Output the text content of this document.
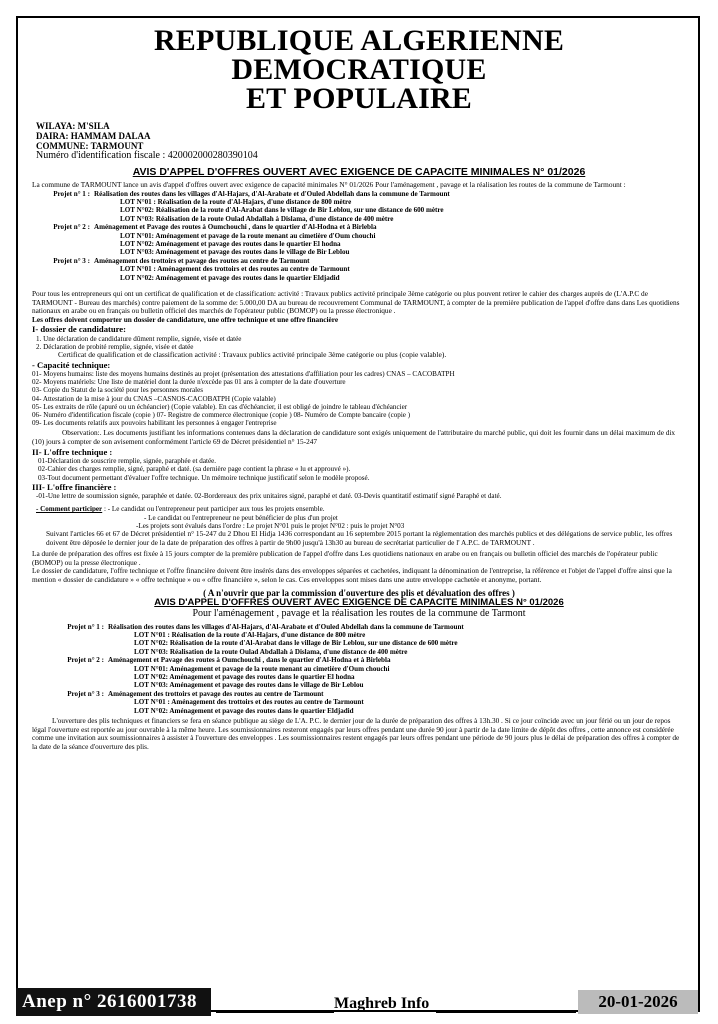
REPUBLIQUE ALGERIENNE DEMOCRATIQUE
ET POPULAIRE
WILAYA: M'SILA
DAIRA: HAMMAM DALAA
COMMUNE: TARMOUNT
Numéro d'identification fiscale : 420002000280390104
AVIS D'APPEL D'OFFRES OUVERT AVEC EXIGENCE DE CAPACITE MINIMALES N° 01/2026

La commune de TARMOUNT lance un avis d'appel d'offres ouvert avec exigence de capacité minimales N° 01/2026 Pour l'aménagement , pavage et la réalisation les routes de la commune de Tarmount :

Projet n° 1 : Réalisation des routes dans les villages d'Al-Hajars, d'Al-Arabate et d'Ouled Abdellah dans la commune de Tarmount
LOT N°01 : Réalisation de la route d'Al-Hajars, d'une distance de 800 mètre
LOT N°02: Réalisation de la route d'Al-Arabat dans le village de Bir Leblou, sur une distance de 600 mètre
LOT N°03: Réalisation de la route Oulad Abdallah à Dislama, d'une distance de 400 mètre
Projet n° 2 : Aménagement et Pavage des routes à Oumchouchi , dans le quartier d'Al-Hodna et à Birlebla
LOT N°01: Aménagement et pavage de la route menant au cimetière d'Oum chouchi
LOT N°02: Aménagement et pavage des routes dans le quartier El hodna
LOT N°03: Aménagement et pavage des routes dans le village de Bir Leblou
Projet n° 3 : Aménagement des trottoirs et pavage des routes au centre de Tarmount
LOT N°01 : Aménagement des trottoirs et des routes au centre de Tarmount
LOT N°02: Aménagement et pavage des routes dans le quartier Eldjadid

Pour tous les entrepreneurs qui ont un certificat de qualification et de classification: activité : Travaux publics activité principale 3ème catégorie ou plus pouvent retirer le cahier des charges auprès de (L'A.P.C de TARMOUNT - Bureau des marchés) contre paiement de la somme de: 5.000,00 DA au bureau de recouvrement Communal de TARMOUNT, à compter de la première publication de l'appel d'offre dans dans Les quotidiens nationaux en arabe ou en français ou bulletin officiel des marchés de l'opérateur public (BOMOP) ou la presse électronique .

Les offres doivent comporter un dossier de candidature, une offre technique et une offre financière

I- dossier de candidature:
1. Une déclaration de candidature dûment remplie, signée, visée et datée
2. Déclaration de probité remplie, signée, visée et datée
Certificat de qualification et de classification activité : Travaux publics activité principale 3ème catégorie ou plus (copie valable).
- Capacité technique:
01- Moyens humains: liste des moyens humains destinés au projet (présentation des attestations d'affiliation pour les cadres) CNAS – CACOBATPH
02- Moyens matériels: Une liste de matériel dont la durée n'excède pas 01 ans à compter de la date d'ouverture
03- Copie du Statut de la société pour les personnes morales
04- Attestation de la mise à jour du CNAS –CASNOS-CACOBATPH (Copie valable)
05- Les extraits de rôle (apuré ou un échéancier) (Copie valable). En cas d'échéancier, il est obligé de joindre le tableau d'échéancier
06- Numéro d'identification fiscale (copie ) 07- Registre de commerce électronique (copie ) 08- Numéro de Compte bancaire (copie )
09- Les documents relatifs aux pouvoirs habilitant les personnes à engager l'entreprise

Observation:. Les documents justifiant les informations contenues dans la déclaration de candidature sont exigés uniquement de l'attributaire du marché public, qui doit les fournir dans un délai maximum de dix (10) jours à compter de son avisement conformément l'article 69 de Décret présidentiel n° 15-247

II- L'offre technique :
01-Déclaration de souscrire remplie, signée, paraphée et datée.
02-Cahier des charges remplie, signé, paraphé et daté. (sa dernière page contient la phrase « lu et approuvé »).
03-Tout document permettant d'évaluer l'offre technique. Un mémoire technique justificatif selon le modèle proposé.
III- L'offre financière :
-01-Une lettre de soumission signée, paraphée et datée. 02-Bordereaux des prix unitaires signé, paraphé et daté. 03-Devis quantitatif estimatif signé Paraphé et daté.
- Comment participer : - Le candidat ou l'entrepreneur peut participer aux tous les projets ensemble.
- Le candidat ou l'entrepreneur ne peut bénéficier de plus d'un projet
-Les projets sont évalués dans l'ordre : Le projet N°01 puis le projet N°02 : puis le projet N°03

Suivant l'articles 66 et 67 de Décret présidentiel n° 15-247 du 2 Dhou El Hidja 1436 correspondant au 16 septembre 2015 portant la réglementation des marchés publics et des délégations de service public, les offres doivent être déposée le dernier jour de la date de préparation des offres à partir de 9h00 jusqu'à 13h30 au bureau de secrétariat particulier de l' A.P.C. de TARMOUNT .

La durée de préparation des offres est fixée à 15 jours compter de la première publication de l'appel d'offre dans Les quotidiens nationaux en arabe ou en français ou bulletin officiel des marchés de l'opérateur public (BOMOP) ou la presse électronique .

Le dossier de candidature, l'offre technique et l'offre financière doivent être insérés dans des enveloppes séparées et cachetées, indiquant la dénomination de l'entreprise, la référence et l'objet de l'appel d'offre ainsi que la mention « dossier de candidature » « offre technique » ou « offre financière », selon le cas. Ces enveloppes sont mises dans une autre enveloppe cachetée et anonyme, portant.

( A n'ouvrir que par la commission d'ouverture des plis et dévaluation des offres )
AVIS D'APPEL D'OFFRES OUVERT AVEC EXIGENCE DE CAPACITE MINIMALES N° 01/2026
Pour l'aménagement , pavage et la réalisation les routes de la commune de Tarmont
Projet n° 1 : Réalisation des routes dans les villages d'Al-Hajars, d'Al-Arabate et d'Ouled Abdellah dans la commune de Tarmount
LOT N°01 : Réalisation de la route d'Al-Hajars, d'une distance de 800 mètre
LOT N°02: Réalisation de la route d'Al-Arabat dans le village de Bir Leblou, sur une distance de 600 mètre
LOT N°03: Réalisation de la route Oulad Abdallah à Dislama, d'une distance de 400 mètre
Projet n° 2 : Aménagement et Pavage des routes à Oumchouchi , dans le quartier d'Al-Hodna et à Birlebla
LOT N°01: Aménagement et pavage de la route menant au cimetière d'Oum chouchi
LOT N°02: Aménagement et pavage des routes dans le quartier El hodna
LOT N°03: Aménagement et pavage des routes dans le village de Bir Leblou
Projet n° 3 : Aménagement des trottoirs et pavage des routes au centre de Tarmount
LOT N°01 : Aménagement des trottoirs et des routes au centre de Tarmount
LOT N°02: Aménagement et pavage des routes dans le quartier Eldjadid

L'ouverture des plis techniques et financiers se fera en séance publique au siège de L'A. P.C. le dernier jour de la durée de préparation des offres à 13h.30 . Si ce jour coïncide avec un jour férié ou un jour de repos légal l'ouverture est reportée au jour ouvrable à la même heure. Les soumissionnaires resteront engagés par leurs offres pendant une durée 90 jour à partir de la date limite de dépôt des offres , cette annonce est considérée comme une invitation aux soumissionnaires à assister à l'ouverture des enveloppes . Les soumissionnaires restent engagés par leurs offres pendant une période de 90 jours plus le délai de préparation des offres à compter de la date de la séance d'ouverture des plis.

Anep n° 2616001738	Maghreb Info	20-01-2026
